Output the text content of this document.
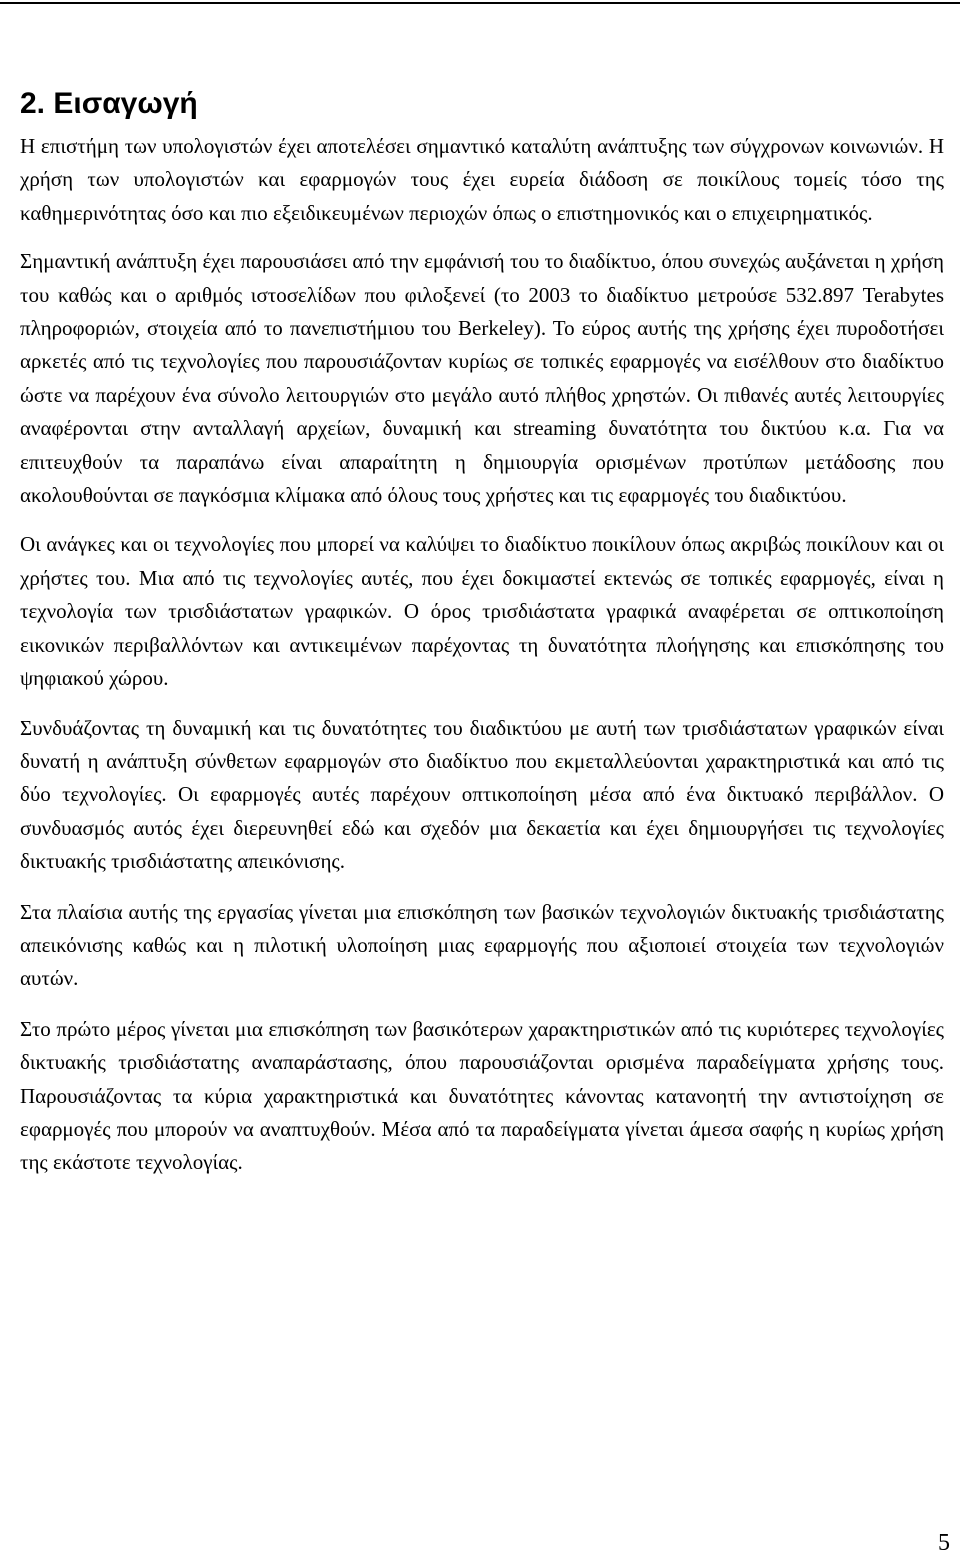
2. Εισαγωγή

Η επιστήμη των υπολογιστών έχει αποτελέσει σημαντικό καταλύτη ανάπτυξης των σύγχρονων κοινωνιών. Η χρήση των υπολογιστών και εφαρμογών τους έχει ευρεία διάδοση σε ποικίλους τομείς τόσο της καθημερινότητας όσο και πιο εξειδικευμένων περιοχών όπως ο επιστημονικός και ο επιχειρηματικός.

Σημαντική ανάπτυξη έχει παρουσιάσει από την εμφάνισή του το διαδίκτυο, όπου συνεχώς αυξάνεται η χρήση του καθώς και ο αριθμός ιστοσελίδων που φιλοξενεί (το 2003 το διαδίκτυο μετρούσε 532.897 Terabytes πληροφοριών, στοιχεία από το πανεπιστήμιου του Berkeley). Το εύρος αυτής της χρήσης έχει πυροδοτήσει αρκετές από τις τεχνολογίες που παρουσιάζονταν κυρίως σε τοπικές εφαρμογές να εισέλθουν στο διαδίκτυο ώστε να παρέχουν ένα σύνολο λειτουργιών στο μεγάλο αυτό πλήθος χρηστών. Οι πιθανές αυτές λειτουργίες αναφέρονται στην ανταλλαγή αρχείων, δυναμική και streaming δυνατότητα του δικτύου κ.α. Για να επιτευχθούν τα παραπάνω είναι απαραίτητη η δημιουργία ορισμένων προτύπων μετάδοσης που ακολουθούνται σε παγκόσμια κλίμακα από όλους τους χρήστες και τις εφαρμογές του διαδικτύου.

Οι ανάγκες και οι τεχνολογίες που μπορεί να καλύψει το διαδίκτυο ποικίλουν όπως ακριβώς ποικίλουν και οι χρήστες του. Μια από τις τεχνολογίες αυτές, που έχει δοκιμαστεί εκτενώς σε τοπικές εφαρμογές, είναι η τεχνολογία των τρισδιάστατων γραφικών. Ο όρος τρισδιάστατα γραφικά αναφέρεται σε οπτικοποίηση εικονικών περιβαλλόντων και αντικειμένων παρέχοντας τη δυνατότητα πλοήγησης και επισκόπησης του ψηφιακού χώρου.

Συνδυάζοντας τη δυναμική και τις δυνατότητες του διαδικτύου με αυτή των τρισδιάστατων γραφικών είναι δυνατή η ανάπτυξη σύνθετων εφαρμογών στο διαδίκτυο που εκμεταλλεύονται χαρακτηριστικά και από τις δύο τεχνολογίες. Οι εφαρμογές αυτές παρέχουν οπτικοποίηση μέσα από ένα δικτυακό περιβάλλον. Ο συνδυασμός αυτός έχει διερευνηθεί εδώ και σχεδόν μια δεκαετία και έχει δημιουργήσει τις τεχνολογίες δικτυακής τρισδιάστατης απεικόνισης.

Στα πλαίσια αυτής της εργασίας γίνεται μια επισκόπηση των βασικών τεχνολογιών δικτυακής τρισδιάστατης απεικόνισης καθώς και η πιλοτική υλοποίηση μιας εφαρμογής που αξιοποιεί στοιχεία των τεχνολογιών αυτών.

Στο πρώτο μέρος γίνεται μια επισκόπηση των βασικότερων χαρακτηριστικών από τις κυριότερες τεχνολογίες δικτυακής τρισδιάστατης αναπαράστασης, όπου παρουσιάζονται ορισμένα παραδείγματα χρήσης τους. Παρουσιάζοντας τα κύρια χαρακτηριστικά και δυνατότητες κάνοντας κατανοητή την αντιστοίχηση σε εφαρμογές που μπορούν να αναπτυχθούν. Μέσα από τα παραδείγματα γίνεται άμεσα σαφής η κυρίως χρήση της εκάστοτε τεχνολογίας.

5
